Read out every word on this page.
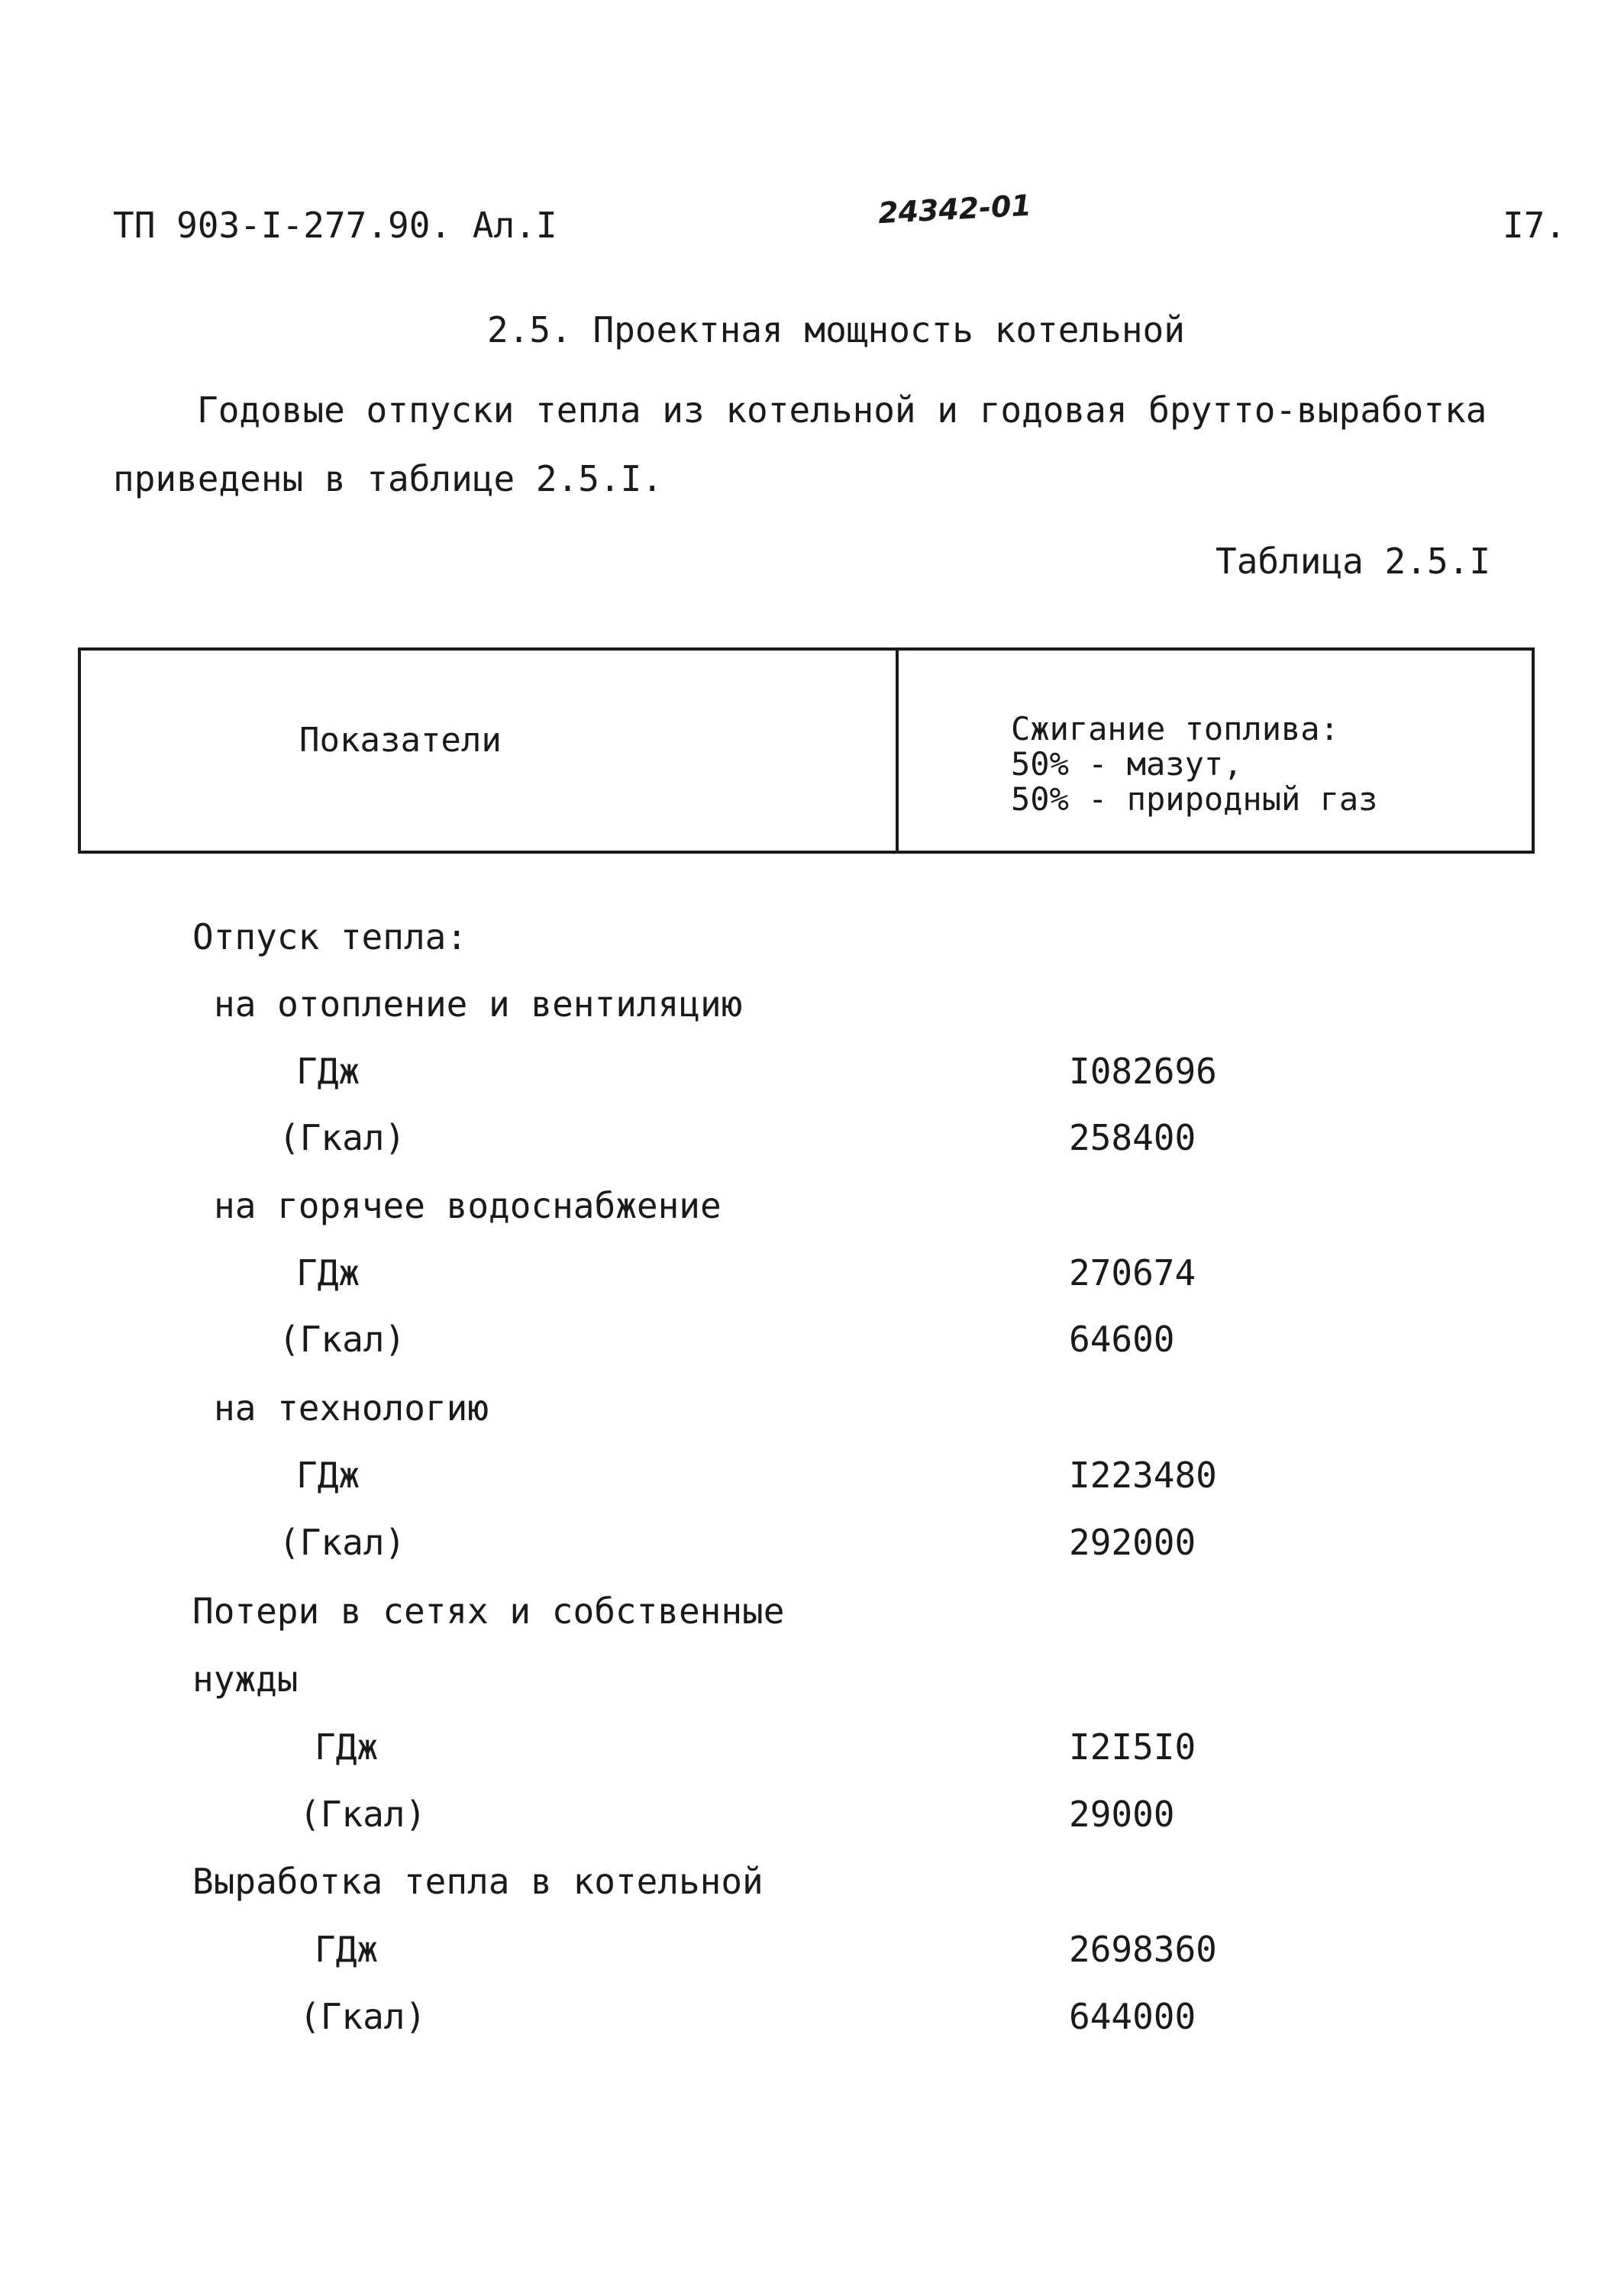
ТП 903-I-277.90. Ал.I	24342-01	I7.
2.5. Проектная мощность котельной
Годовые отпуски тепла из котельной и годовая брутто-выработка
приведены в таблице 2.5.I.
Таблица 2.5.I
Показатели	Сжигание топлива:
50% - мазут,
50% - природный газ
Отпуск тепла:
на отопление и вентиляцию
ГДж	I082696
(Гкал)	258400
на горячее водоснабжение
ГДж	270674
(Гкал)	64600
на технологию
ГДж	I223480
(Гкал)	292000
Потери в сетях и собственные
нужды
ГДж	I2I5I0
(Гкал)	29000
Выработка тепла в котельной
ГДж	2698360
(Гкал)	644000
